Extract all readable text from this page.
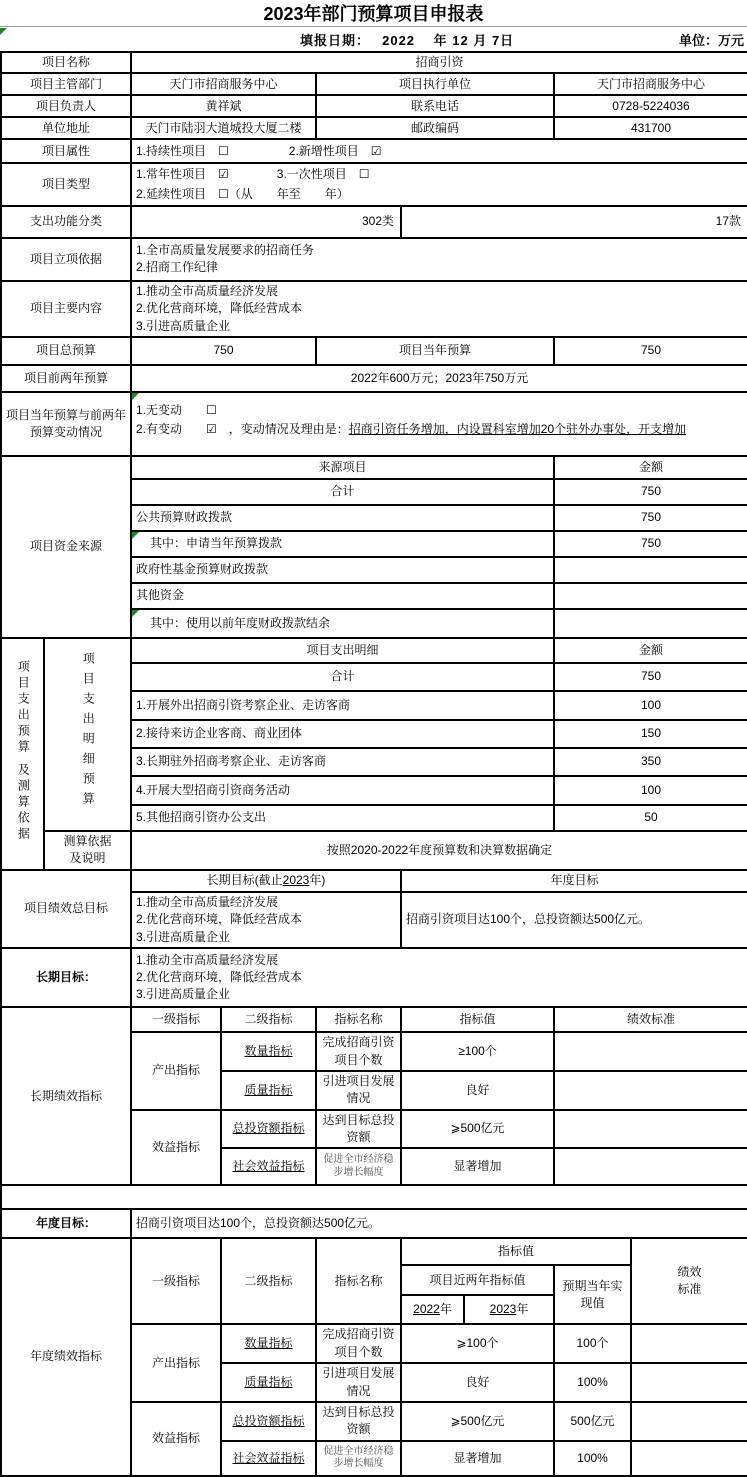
2023年部门预算项目申报表
填报日期：　 2022　 年 12 月 7日	单位：万元
项目名称	招商引资			
项目主管部门	天门市招商服务中心	项目执行单位		天门市招商服务中心
项目负责人	黄祥斌	联系电话		0728-5224036
单位地址	天门市陆羽大道城投大厦二楼	邮政编码		431700
项目属性	1.持续性项目　☐　　　　　2.新增性项目　☑			
项目类型	1.常年性项目　☑　　　　3.一次性项目　☐
2.延续性项目　☐（从　　年至　　年）			

支出功能分类	302类		17款	
项目立项依据	1.全市高质量发展要求的招商任务
2.招商工作纪律			

项目主要内容	1.推动全市高质量经济发展
2.优化营商环境，降低经营成本
3.引进高质量企业			

项目总预算	750	项目当年预算		750
项目前两年预算	2022年600万元；2023年750万元			
项目当年预算与前两年预算变动情况	1.无变动　　☐
2.有变动　　☑　，变动情况及理由是：招商引资任务增加，内设置科室增加20个驻外办事处，开支增加			
项目资金来源	来源项目	金额
	合计	750
	公共预算财政拨款	750

其中：申请当年预算拨款	750
	政府性基金预算财政拨款	
	其他资金	

其中：使用以前年度财政拨款结余	
项目支出预算 及测算依据	项目支出明细预算	项目支出明细	金额
		合计	750
		1.开展外出招商引资考察企业、走访客商	100
		2.接待来访企业客商、商业团体	150
		3.长期驻外招商考察企业、走访客商	350
		4.开展大型招商引资商务活动	100
		5.其他招商引资办公支出	50

	测算依据
及说明	按照2020-2022年度预算数和决算数据确定	
项目绩效总目标	长期目标(截止2023年)	年度目标

	1.推动全市高质量经济发展
2.优化营商环境，降低经营成本
3.引进高质量企业	招商引资项目达100个，总投资额达500亿元。
长期目标：	
1.推动全市高质量经济发展
2.优化营商环境，降低经营成本
3.引进高质量企业
长期绩效指标	一级指标	二级指标	指标名称	指标值	绩效标准
	产出指标	数量指标	完成招商引资项目个数	≥100个	
		质量指标	引进项目发展情况	良好	
	效益指标	总投资额指标	达到目标总投资额	⩾500亿元	
		社会效益指标	促进全市经济稳步增长幅度	显著增加	
年度目标：	招商引资项目达100个，总投资额达500亿元。
年度绩效指标	一级指标	二级指标	指标名称	指标值			绩效标准
				项目近两年指标值		预期当年实现值	
				2022年	2023年		
	产出指标	数量指标	完成招商引资项目个数	⩾100个		100个	
		质量指标	引进项目发展情况	良好		100%	
	效益指标	总投资额指标	达到目标总投资额	⩾500亿元		500亿元	
		社会效益指标	促进全市经济稳步增长幅度	显著增加		100%	
